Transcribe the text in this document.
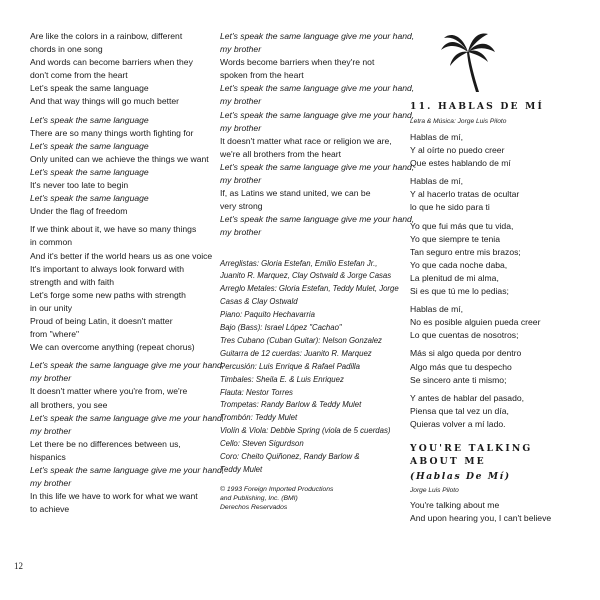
Are like the colors in a rainbow, different
chords in one song
And words can become barriers when they
don't come from the heart
Let's speak the same language
And that way things will go much better
Let's speak the same language
There are so many things worth fighting for
Let's speak the same language
Only united can we achieve the things we want
Let's speak the same language
It's never too late to begin
Let's speak the same language
Under the flag of freedom
If we think about it, we have so many things
in common
And it's better if the world hears us as one voice
It's important to always look forward with
strength and with faith
Let's forge some new paths with strength
in our unity
Proud of being Latin, it doesn't matter
from "where"
We can overcome anything (repeat chorus)
Let's speak the same language give me your hand,
my brother
It doesn't matter where you're from, we're
all brothers, you see
Let's speak the same language give me your hand,
my brother
Let there be no differences between us,
hispanics
Let's speak the same language give me your hand,
my brother
In this life we have to work for what we want
to achieve
Let's speak the same language give me your hand,
my brother
Words become barriers when they're not
spoken from the heart
Let's speak the same language give me your hand,
my brother
Let's speak the same language give me your hand,
my brother
It doesn't matter what race or religion we are,
we're all brothers from the heart
Let's speak the same language give me your hand,
my brother
If, as Latins we stand united, we can be
very strong
Let's speak the same language give me your hand,
my brother
Arreglistas: Gloria Estefan, Emilio Estefan Jr.,
Juanito R. Marquez, Clay Ostwald & Jorge Casas
Arreglo Metales: Gloria Estefan, Teddy Mulet, Jorge
Casas & Clay Ostwald
Piano: Paquito Hechavarria
Bajo (Bass): Israel López "Cachao"
Tres Cubano (Cuban Guitar): Nelson Gonzalez
Guitarra de 12 cuerdas: Juanito R. Marquez
Percusión: Luis Enrique & Rafael Padilla
Timbales: Sheila E. & Luis Enriquez
Flauta: Nestor Torres
Trompetas: Randy Barlow & Teddy Mulet
Trombón: Teddy Mulet
Violín & Viola: Debbie Spring (viola de 5 cuerdas)
Cello: Steven Sigurdson
Coro: Cheito Quiñonez, Randy Barlow &
Teddy Mulet
© 1993 Foreign Imported Productions
and Publishing, Inc. (BMI)
Derechos Reservados
11. HABLAS DE MÍ
Letra & Música: Jorge Luis Piloto
Hablas de mí,
Y al oírte no puedo creer
Que estes hablando de mí
Hablas de mí,
Y al hacerlo tratas de ocultar
lo que he sido para ti
Yo que fui más que tu vida,
Yo que siempre te tenia
Tan seguro entre mis brazos;
Yo que cada noche daba,
La plenitud de mi alma,
Si es que tú me lo pedias;
Hablas de mí,
No es posible alguien pueda creer
Lo que cuentas de nosotros;
Más si algo queda por dentro
Algo más que tu despecho
Se sincero ante ti mismo;
Y antes de hablar del pasado,
Piensa que tal vez un día,
Quieras volver a mí lado.
YOU'RE TALKING
ABOUT ME
(Hablas De Mí)
Jorge Luis Piloto
You're talking about me
And upon hearing you, I can't believe
12
